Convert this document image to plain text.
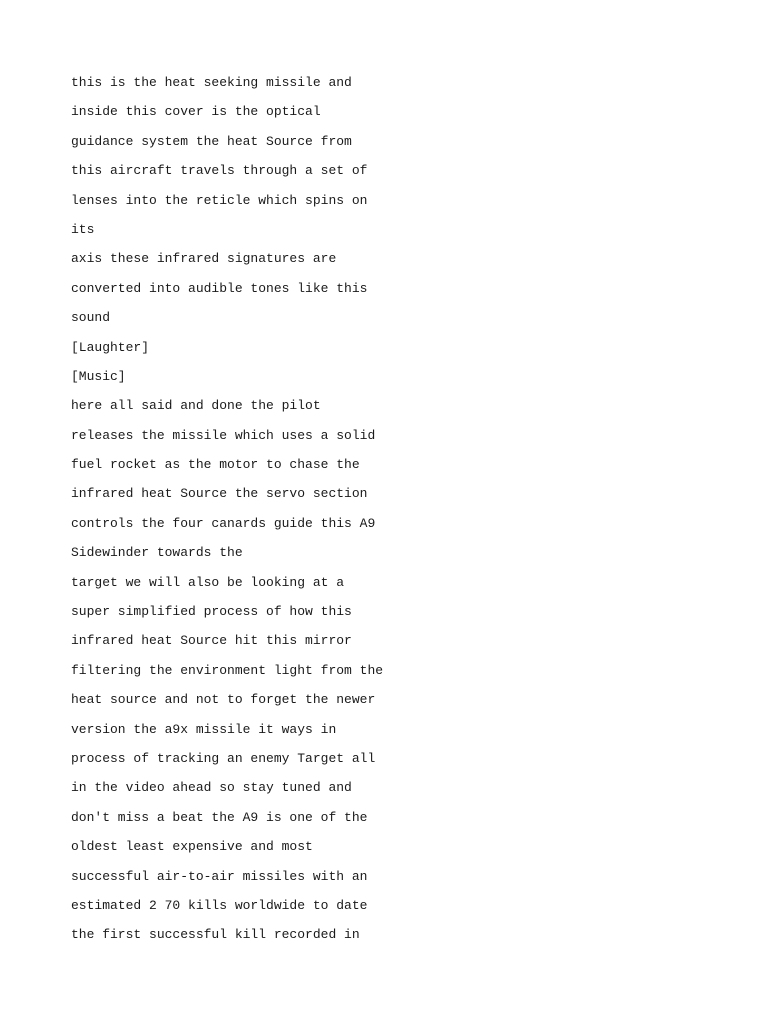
this is the heat seeking missile and
inside this cover is the optical
guidance system the heat Source from
this aircraft travels through a set of
lenses into the reticle which spins on
its
axis these infrared signatures are
converted into audible tones like this
sound
[Laughter]
[Music]
here all said and done the pilot
releases the missile which uses a solid
fuel rocket as the motor to chase the
infrared heat Source the servo section
controls the four canards guide this A9
Sidewinder towards the
target we will also be looking at a
super simplified process of how this
infrared heat Source hit this mirror
filtering the environment light from the
heat source and not to forget the newer
version the a9x missile it ways in
process of tracking an enemy Target all
in the video ahead so stay tuned and
don't miss a beat the A9 is one of the
oldest least expensive and most
successful air-to-air missiles with an
estimated 2 70 kills worldwide to date
the first successful kill recorded in
